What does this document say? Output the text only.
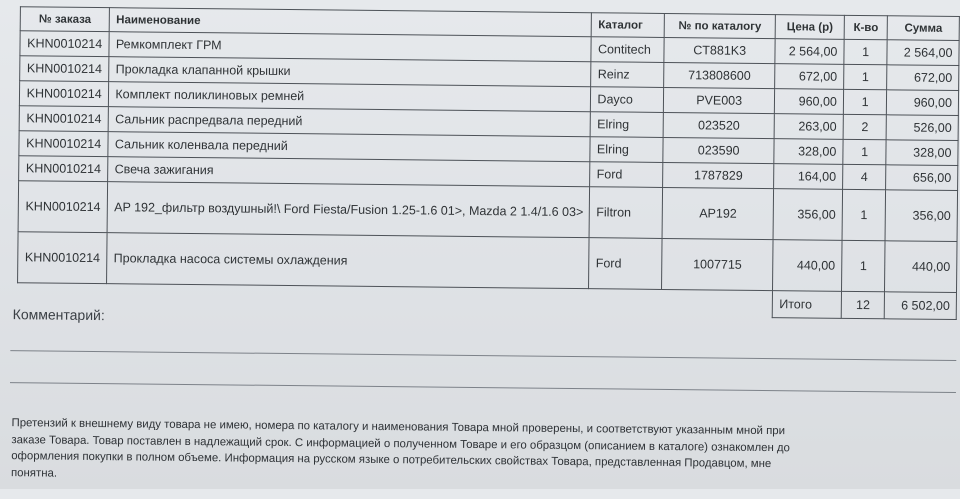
№ заказа	Наименование	Каталог	№ по каталогу	Цена (р)	К-во	Сумма
KHN0010214	Ремкомплект ГРМ	Contitech	CT881K3	2 564,00	1	2 564,00
KHN0010214	Прокладка клапанной крышки	Reinz	713808600	672,00	1	672,00
KHN0010214	Комплект поликлиновых ремней	Dayco	PVE003	960,00	1	960,00
KHN0010214	Сальник распредвала передний	Elring	023520	263,00	2	526,00
KHN0010214	Сальник коленвала передний	Elring	023590	328,00	1	328,00
KHN0010214	Свеча зажигания	Ford	1787829	164,00	4	656,00
KHN0010214	AP 192_фильтр воздушный!\ Ford Fiesta/Fusion 1.25-1.6 01>, Mazda 2 1.4/1.6 03>	Filtron	AP192	356,00	1	356,00
KHN0010214	Прокладка насоса системы охлаждения	Ford	1007715	440,00	1	440,00
				Итого	12	6 502,00
Комментарий:

Претензий к внешнему виду товара не имею, номера по каталогу и наименования Товара мной проверены, и соответствуют указанным мной при

заказе Товара. Товар поставлен в надлежащий срок. С информацией о полученном Товаре и его образцом (описанием в каталоге) ознакомлен до

оформления покупки в полном объеме. Информация на русском языке о потребительских свойствах Товара, представленная Продавцом, мне

понятна.
